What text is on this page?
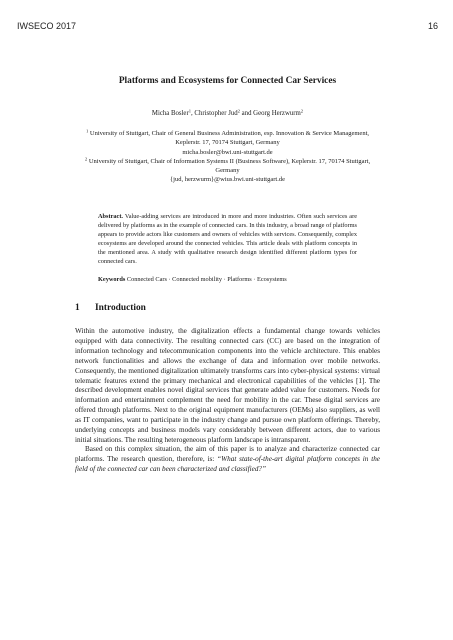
IWSECO 2017	16
Platforms and Ecosystems for Connected Car Services

Micha Bosler$^1$, Christopher Jud$^2$ and Georg Herzwurm$^2$

$^1$ University of Stuttgart, Chair of General Business Administration, esp. Innovation & Service Management, Keplerstr. 17, 70174 Stuttgart, Germany

micha.bosler@bwi.uni-stuttgart.de

$^2$ University of Stuttgart, Chair of Information Systems II (Business Software), Keplerstr. 17, 70174 Stuttgart, Germany

{jud, herzwurm}@wius.bwi.uni-stuttgart.de

Abstract. Value-adding services are introduced in more and more industries. Often such services are delivered by platforms as in the example of connected cars. In this industry, a broad range of platforms appears to provide actors like customers and owners of vehicles with services. Consequently, complex ecosystems are developed around the connected vehicles. This article deals with platform concepts in the mentioned area. A study with qualitative research design identified different platform types for connected cars.

Keywords Connected Cars · Connected mobility · Platforms · Ecosystems

1 Introduction

Within the automotive industry, the digitalization effects a fundamental change towards vehicles equipped with data connectivity. The resulting connected cars (CC) are based on the integration of information technology and telecommunication components into the vehicle architecture. This enables network functionalities and allows the exchange of data and information over mobile networks. Consequently, the mentioned digitalization ultimately transforms cars into cyber-physical systems: virtual telematic features extend the primary mechanical and electronical capabilities of the vehicles [1]. The described development enables novel digital services that generate added value for customers. Needs for information and entertainment complement the need for mobility in the car. These digital services are offered through platforms. Next to the original equipment manufacturers (OEMs) also suppliers, as well as IT companies, want to participate in the industry change and pursue own platform offerings. Thereby, underlying concepts and business models vary considerably between different actors, due to various initial situations. The resulting heterogeneous platform landscape is intransparent.

Based on this complex situation, the aim of this paper is to analyze and characterize connected car platforms. The research question, therefore, is: “What state-of-the-art digital platform concepts in the field of the connected car can been characterized and classified?”
